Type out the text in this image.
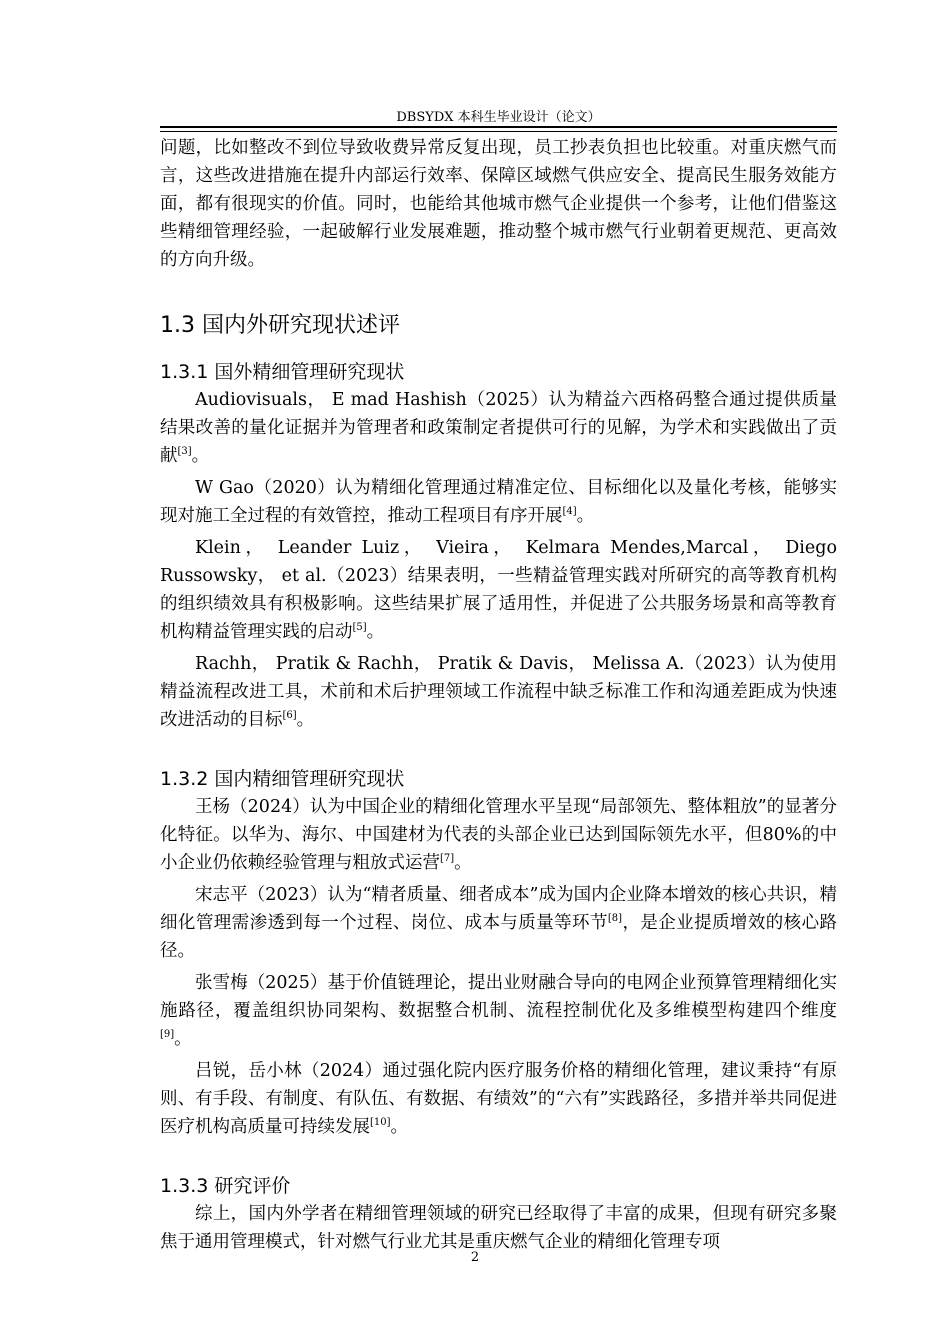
DBSYDX 本科生毕业设计（论文）

问题，比如整改不到位导致收费异常反复出现，员工抄表负担也比较重。对重庆燃气而言，这些改进措施在提升内部运行效率、保障区域燃气供应安全、提高民生服务效能方面，都有很现实的价值。同时，也能给其他城市燃气企业提供一个参考，让他们借鉴这些精细管理经验，一起破解行业发展难题，推动整个城市燃气行业朝着更规范、更高效的方向升级。

1.3 国内外研究现状述评
1.3.1 国外精细管理研究现状

Audiovisuals， E mad Hashish（2025）认为精益六西格码整合通过提供质量结果改善的量化证据并为管理者和政策制定者提供可行的见解，为学术和实践做出了贡献[3]。

W Gao（2020）认为精细化管理通过精准定位、目标细化以及量化考核，能够实现对施工全过程的有效管控，推动工程项目有序开展[4]。

Klein， Leander Luiz， Vieira， Kelmara Mendes,Marcal， Diego Russowsky， et al.（2023）结果表明，一些精益管理实践对所研究的高等教育机构的组织绩效具有积极影响。这些结果扩展了适用性，并促进了公共服务场景和高等教育机构精益管理实践的启动[5]。

Rachh， Pratik & Rachh， Pratik & Davis， Melissa A.（2023）认为使用精益流程改进工具，术前和术后护理领域工作流程中缺乏标准工作和沟通差距成为快速改进活动的目标[6]。

1.3.2 国内精细管理研究现状

王杨（2024）认为中国企业的精细化管理水平呈现“局部领先、整体粗放”的显著分化特征。以华为、海尔、中国建材为代表的头部企业已达到国际领先水平，但80%的中小企业仍依赖经验管理与粗放式运营[7]。

宋志平（2023）认为“精者质量、细者成本”成为国内企业降本增效的核心共识，精细化管理需渗透到每一个过程、岗位、成本与质量等环节[8]，是企业提质增效的核心路径。

张雪梅（2025）基于价值链理论，提出业财融合导向的电网企业预算管理精细化实施路径，覆盖组织协同架构、数据整合机制、流程控制优化及多维模型构建四个维度[9]。

吕锐，岳小林（2024）通过强化院内医疗服务价格的精细化管理，建议秉持“有原则、有手段、有制度、有队伍、有数据、有绩效”的“六有”实践路径，多措并举共同促进医疗机构高质量可持续发展[10]。

1.3.3 研究评价

综上，国内外学者在精细管理领域的研究已经取得了丰富的成果，但现有研究多聚焦于通用管理模式，针对燃气行业尤其是重庆燃气企业的精细化管理专项

2
